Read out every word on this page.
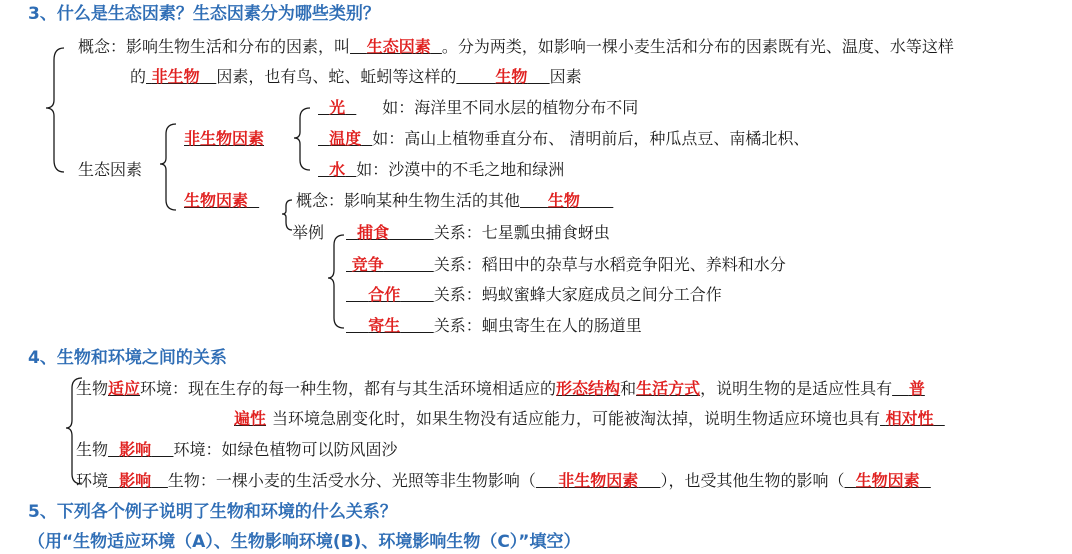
3、什么是生态因素？生态因素分为哪些类别？
概念：影响生物生活和分布的因素，叫 生态因素 。分为两类，如影响一棵小麦生活和分布的因素既有光、温度、水等这样
的 非生物 因素，也有鸟、蛇、蚯蚓等这样的 生物 因素
光 如：海洋里不同水层的植物分布不同
温度 如：高山上植物垂直分布、 清明前后，种瓜点豆、南橘北枳、
水 如：沙漠中的不毛之地和绿洲
非生物因素
生态因素
生物因素	概念：影响某种生物生活的其他 生物
举例	捕食	关系：七星瓢虫捕食蚜虫
竞争	关系：稻田中的杂草与水稻竞争阳光、养料和水分
合作 关系：蚂蚁蜜蜂大家庭成员之间分工合作
寄生 关系：蛔虫寄生在人的肠道里
4、生物和环境之间的关系
生物适应环境：现在生存的每一种生物，都有与其生活环境相适应的形态结构和生活方式，说明生物的是适应性具有 普
遍性 当环境急剧变化时，如果生物没有适应能力，可能被淘汰掉，说明生物适应环境也具有 相对性
生物 影响 环境：如绿色植物可以防风固沙
环境 影响 生物：一棵小麦的生活受水分、光照等非生物影响（ 非生物因素 ），也受其他生物的影响（ 生物因素
5、下列各个例子说明了生物和环境的什么关系？
（用“生物适应环境（A）、生物影响环境(B)、环境影响生物（C）”填空）
